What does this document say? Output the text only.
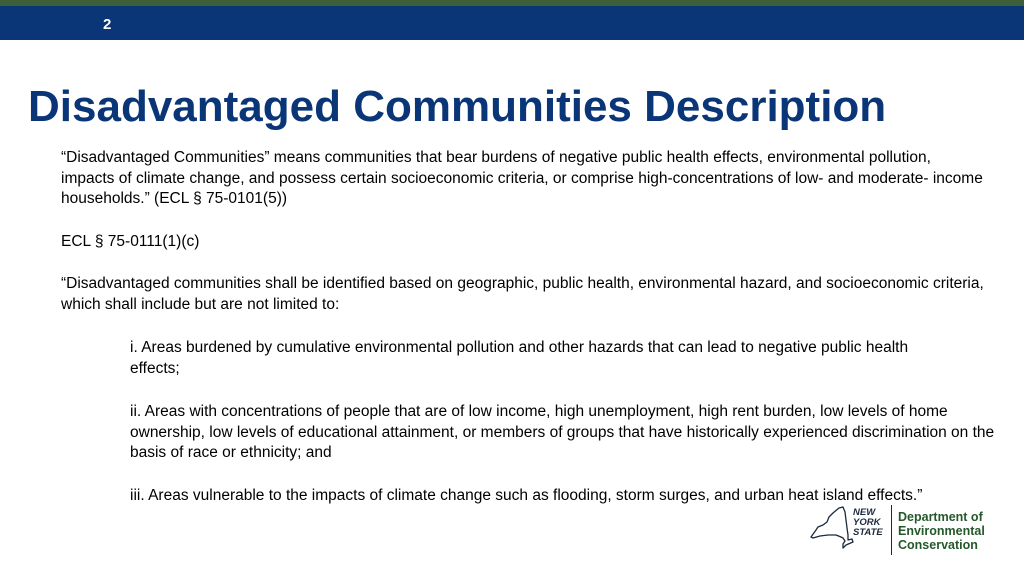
2
Disadvantaged Communities Description

“Disadvantaged Communities” means communities that bear burdens of negative public health effects, environmental pollution, impacts of climate change, and possess certain socioeconomic criteria, or comprise high-concentrations of low- and moderate- income households.” (ECL § 75-0101(5))

ECL § 75-0111(1)(c)

“Disadvantaged communities shall be identified based on geographic, public health, environmental hazard, and socioeconomic criteria, which shall include but are not limited to:

i. Areas burdened by cumulative environmental pollution and other hazards that can lead to negative public health effects;

ii. Areas with concentrations of people that are of low income, high unemployment, high rent burden, low levels of home ownership, low levels of educational attainment, or members of groups that have historically experienced discrimination on the basis of race or ethnicity; and

iii. Areas vulnerable to the impacts of climate change such as flooding, storm surges, and urban heat island effects.”

NEW
YORK
STATE
Department of
Environmental
Conservation
